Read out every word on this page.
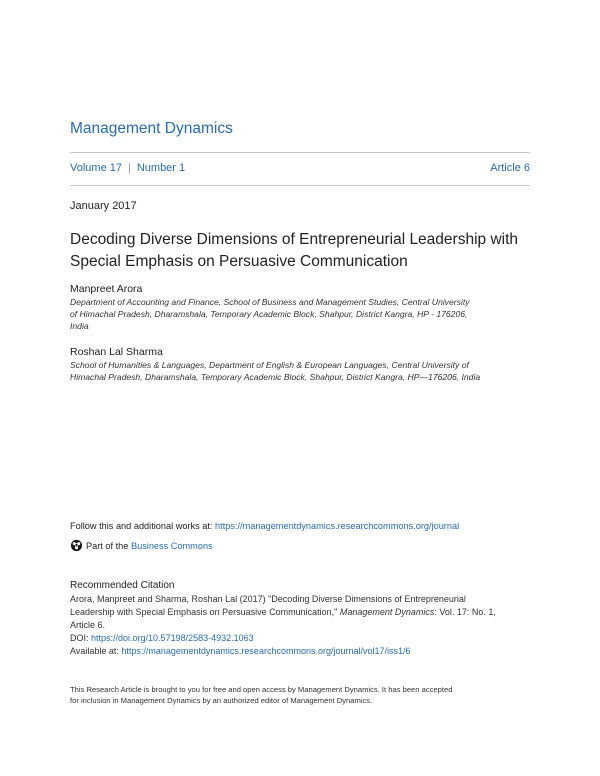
Management Dynamics
Volume 17 | Number 1	Article 6
January 2017
Decoding Diverse Dimensions of Entrepreneurial Leadership with
Special Emphasis on Persuasive Communication
Manpreet Arora
Department of Accounting and Finance, School of Business and Management Studies, Central University
of Himachal Pradesh, Dharamshala, Temporary Academic Block, Shahpur, District Kangra, HP - 176206,
India
Roshan Lal Sharma
School of Humanities & Languages, Department of English & European Languages, Central University of
Himachal Pradesh, Dharamshala, Temporary Academic Block, Shahpur, District Kangra, HP—176206, India
Follow this and additional works at: https://managementdynamics.researchcommons.org/journal
Part of the
Business Commons
Recommended Citation
Arora, Manpreet and Sharma, Roshan Lal (2017) "Decoding Diverse Dimensions of Entrepreneurial
Leadership with Special Emphasis on Persuasive Communication," Management Dynamics: Vol. 17: No. 1,
Article 6.
DOI: https://doi.org/10.57198/2583-4932.1063
Available at: https://managementdynamics.researchcommons.org/journal/vol17/iss1/6
This Research Article is brought to you for free and open access by Management Dynamics. It has been accepted
for inclusion in Management Dynamics by an authorized editor of Management Dynamics.
